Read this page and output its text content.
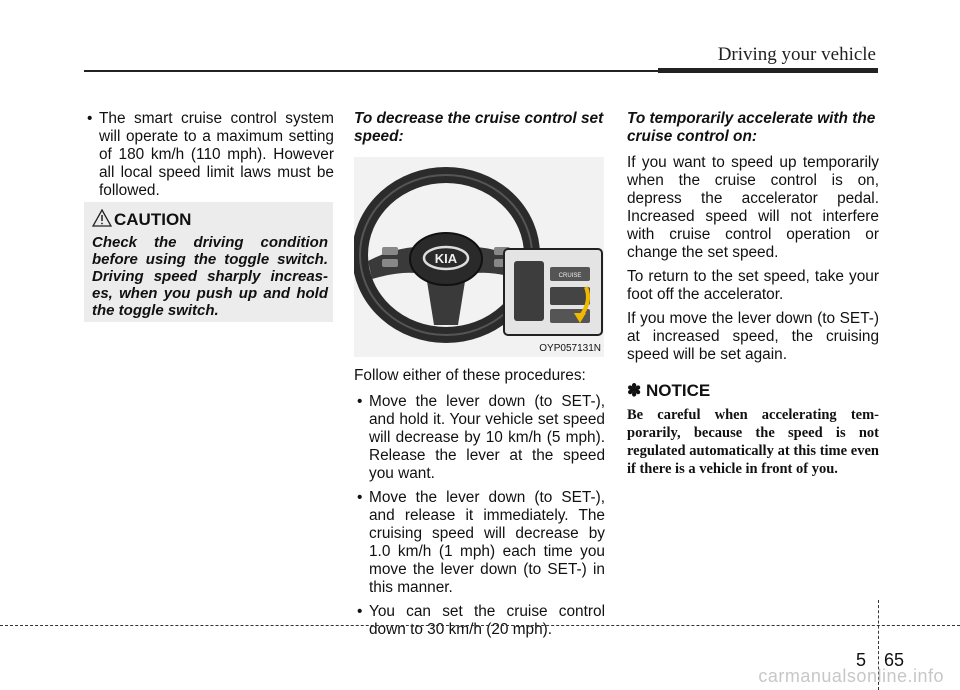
Driving your vehicle
• The smart cruise control system will operate to a maximum setting of 180 km/h (110 mph). However all local speed limit laws must be followed.
CAUTION
Check the driving condition before using the toggle switch. Driving speed sharply increas-es, when you push up and hold the toggle switch.
To decrease the cruise control set speed:
KIA
CRUISE
OYP057131N

Follow either of these procedures:

• Move the lever down (to SET-), and hold it. Your vehicle set speed will decrease by 10 km/h (5 mph). Release the lever at the speed you want.
• Move the lever down (to SET-), and release it immediately. The cruising speed will decrease by 1.0 km/h (1 mph) each time you move the lever down (to SET-) in this manner.
• You can set the cruise control down to 30 km/h (20 mph).
To temporarily accelerate with the cruise control on:

If you want to speed up temporarily when the cruise control is on, depress the accelerator pedal. Increased speed will not interfere with cruise control operation or change the set speed.

To return to the set speed, take your foot off the accelerator.

If you move the lever down (to SET-) at increased speed, the cruising speed will be set again.

✽ NOTICE
Be careful when accelerating tem-porarily, because the speed is not regulated automatically at this time even if there is a vehicle in front of you.
5 65
carmanualsonline.info
